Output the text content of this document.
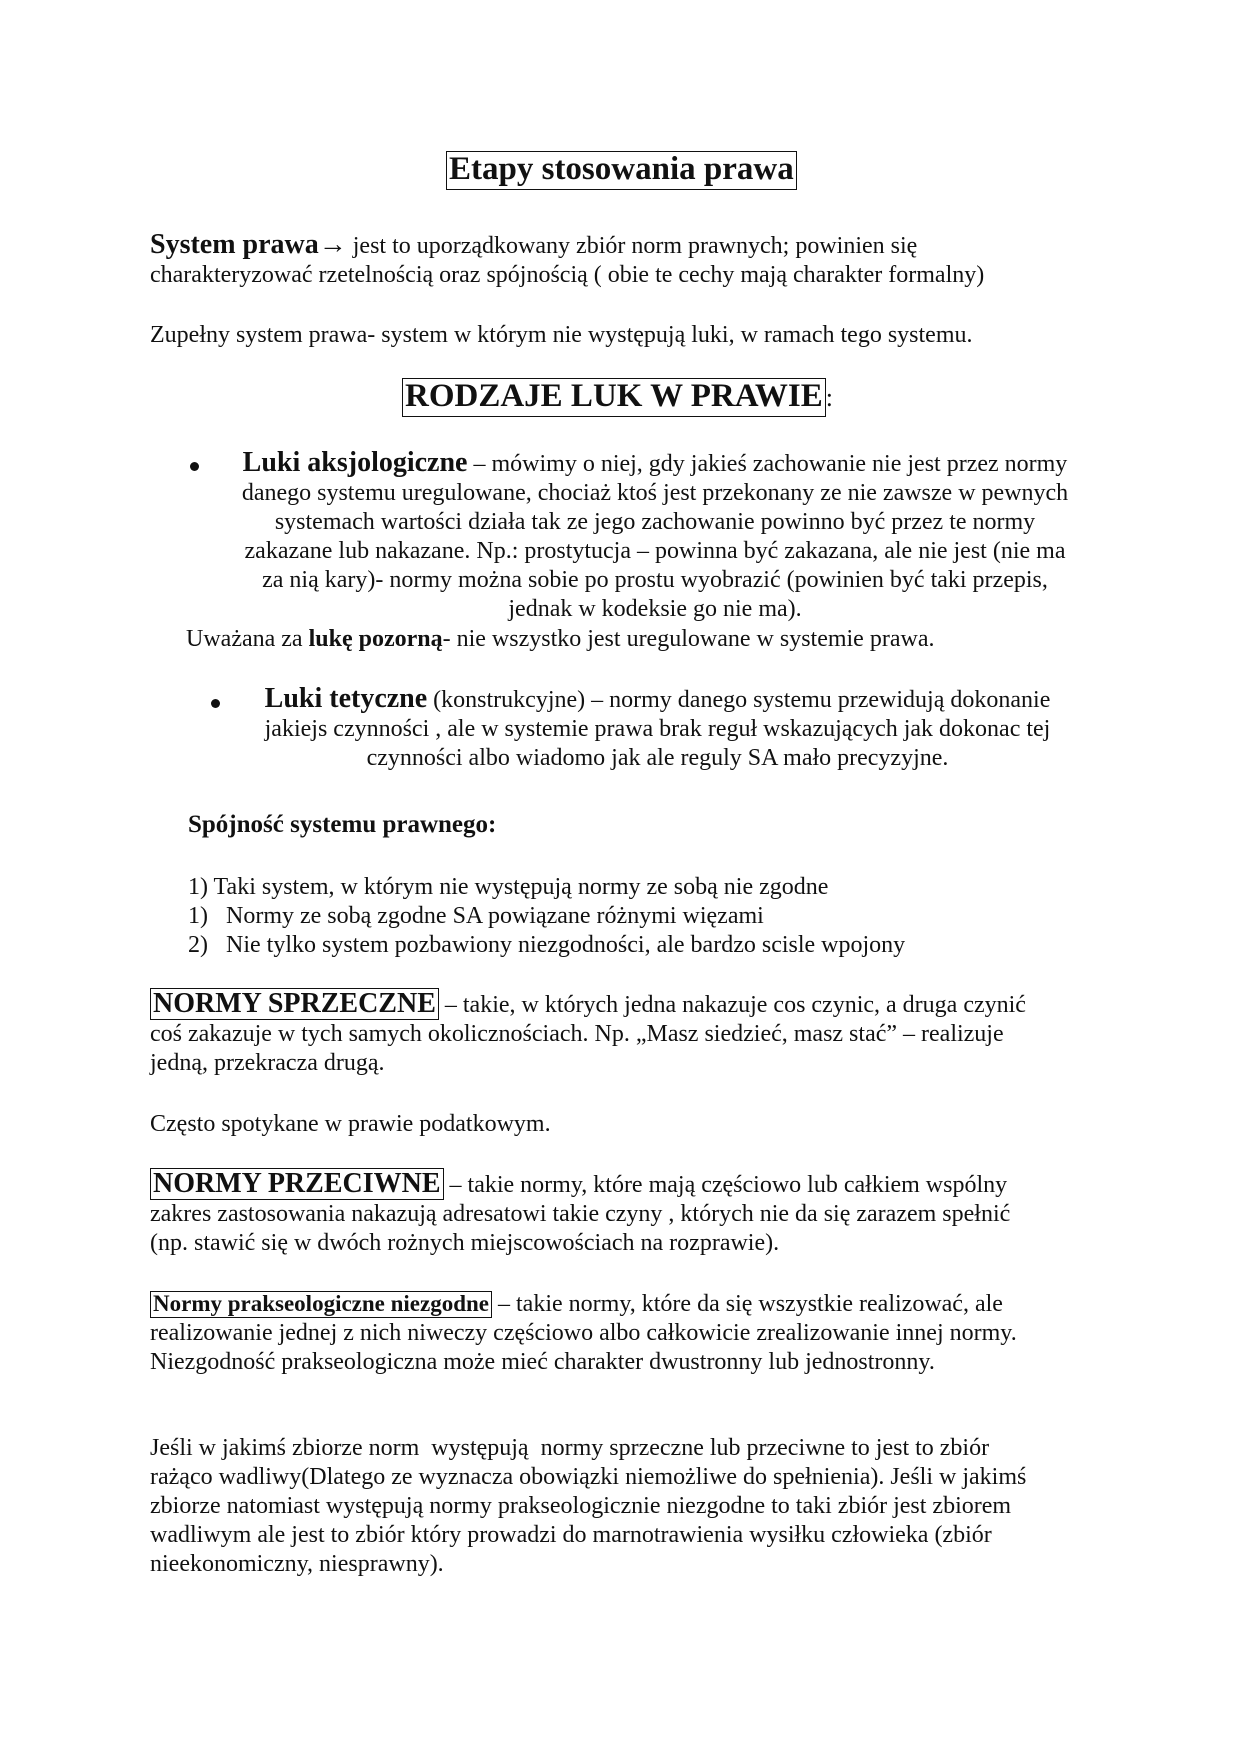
Etapy stosowania prawa
System prawa→ jest to uporządkowany zbiór norm prawnych; powinien się
charakteryzować rzetelnością oraz spójnością ( obie te cechy mają charakter formalny)
Zupełny system prawa- system w którym nie występują luki, w ramach tego systemu.
RODZAJE LUK W PRAWIE :
Luki aksjologiczne – mówimy o niej, gdy jakieś zachowanie nie jest przez normy
danego systemu uregulowane, chociaż ktoś jest przekonany ze nie zawsze w pewnych
systemach wartości działa tak ze jego zachowanie powinno być przez te normy
zakazane lub nakazane. Np.: prostytucja – powinna być zakazana, ale nie jest (nie ma
za nią kary)- normy można sobie po prostu wyobrazić (powinien być taki przepis,
jednak w kodeksie go nie ma).
Uważana za lukę pozorną- nie wszystko jest uregulowane w systemie prawa.
Luki tetyczne (konstrukcyjne) – normy danego systemu przewidują dokonanie
jakiejs czynności , ale w systemie prawa brak reguł wskazujących jak dokonac tej
czynności albo wiadomo jak ale reguly SA mało precyzyjne.
Spójność systemu prawnego:
1) Taki system, w którym nie występują normy ze sobą nie zgodne
1)   Normy ze sobą zgodne SA powiązane różnymi więzami
2)   Nie tylko system pozbawiony niezgodności, ale bardzo scisle wpojony
NORMY SPRZECZNE – takie, w których jedna nakazuje cos czynic, a druga czynić
coś zakazuje w tych samych okolicznościach. Np. „Masz siedzieć, masz stać” – realizuje
jedną, przekracza drugą.
Często spotykane w prawie podatkowym.
NORMY PRZECIWNE – takie normy, które mają częściowo lub całkiem wspólny
zakres zastosowania nakazują adresatowi takie czyny , których nie da się zarazem spełnić
(np. stawić się w dwóch rożnych miejscowościach na rozprawie).
Normy prakseologiczne niezgodne – takie normy, które da się wszystkie realizować, ale
realizowanie jednej z nich niweczy częściowo albo całkowicie zrealizowanie innej normy.
Niezgodność prakseologiczna może mieć charakter dwustronny lub jednostronny.
Jeśli w jakimś zbiorze norm  występują  normy sprzeczne lub przeciwne to jest to zbiór
rażąco wadliwy(Dlatego ze wyznacza obowiązki niemożliwe do spełnienia). Jeśli w jakimś
zbiorze natomiast występują normy prakseologicznie niezgodne to taki zbiór jest zbiorem
wadliwym ale jest to zbiór który prowadzi do marnotrawienia wysiłku człowieka (zbiór
nieekonomiczny, niesprawny).
